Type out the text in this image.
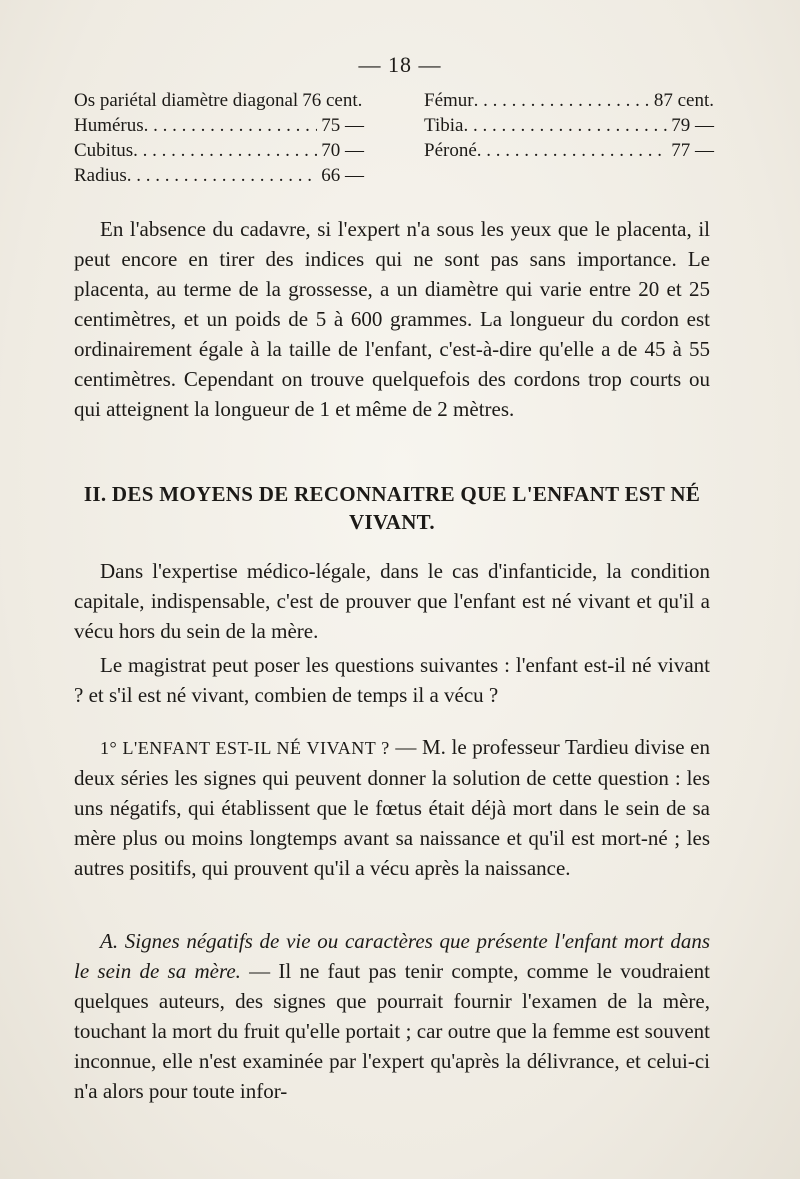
— 18 —
Os pariétal diamètre diagonal 76 cent.
Humérus . . .	75 —
Cubitus . . .	70 —
Radius . . .	66 —
Fémur . . .	87 cent.
Tibia . . .	79 —
Péroné . . .	77 —

En l'absence du cadavre, si l'expert n'a sous les yeux que le placenta, il peut encore en tirer des indices qui ne sont pas sans importance. Le placenta, au terme de la grossesse, a un diamètre qui varie entre 20 et 25 centimètres, et un poids de 5 à 600 grammes. La longueur du cordon est ordinairement égale à la taille de l'enfant, c'est-à-dire qu'elle a de 45 à 55 centimètres. Cependant on trouve quelquefois des cordons trop courts ou qui atteignent la longueur de 1 et même de 2 mètres.

II. DES MOYENS DE RECONNAITRE QUE L'ENFANT EST NÉ VIVANT.

Dans l'expertise médico-légale, dans le cas d'infanticide, la condition capitale, indispensable, c'est de prouver que l'enfant est né vivant et qu'il a vécu hors du sein de la mère.

Le magistrat peut poser les questions suivantes : l'enfant est-il né vivant ? et s'il est né vivant, combien de temps il a vécu ?

1° L'ENFANT EST-IL NÉ VIVANT ? — M. le professeur Tardieu divise en deux séries les signes qui peuvent donner la solution de cette question : les uns négatifs, qui établissent que le fœtus était déjà mort dans le sein de sa mère plus ou moins longtemps avant sa naissance et qu'il est mort-né ; les autres positifs, qui prouvent qu'il a vécu après la naissance.

A. Signes négatifs de vie ou caractères que présente l'enfant mort dans le sein de sa mère. — Il ne faut pas tenir compte, comme le voudraient quelques auteurs, des signes que pourrait fournir l'examen de la mère, touchant la mort du fruit qu'elle portait ; car outre que la femme est souvent inconnue, elle n'est examinée par l'expert qu'après la délivrance, et celui-ci n'a alors pour toute infor-
